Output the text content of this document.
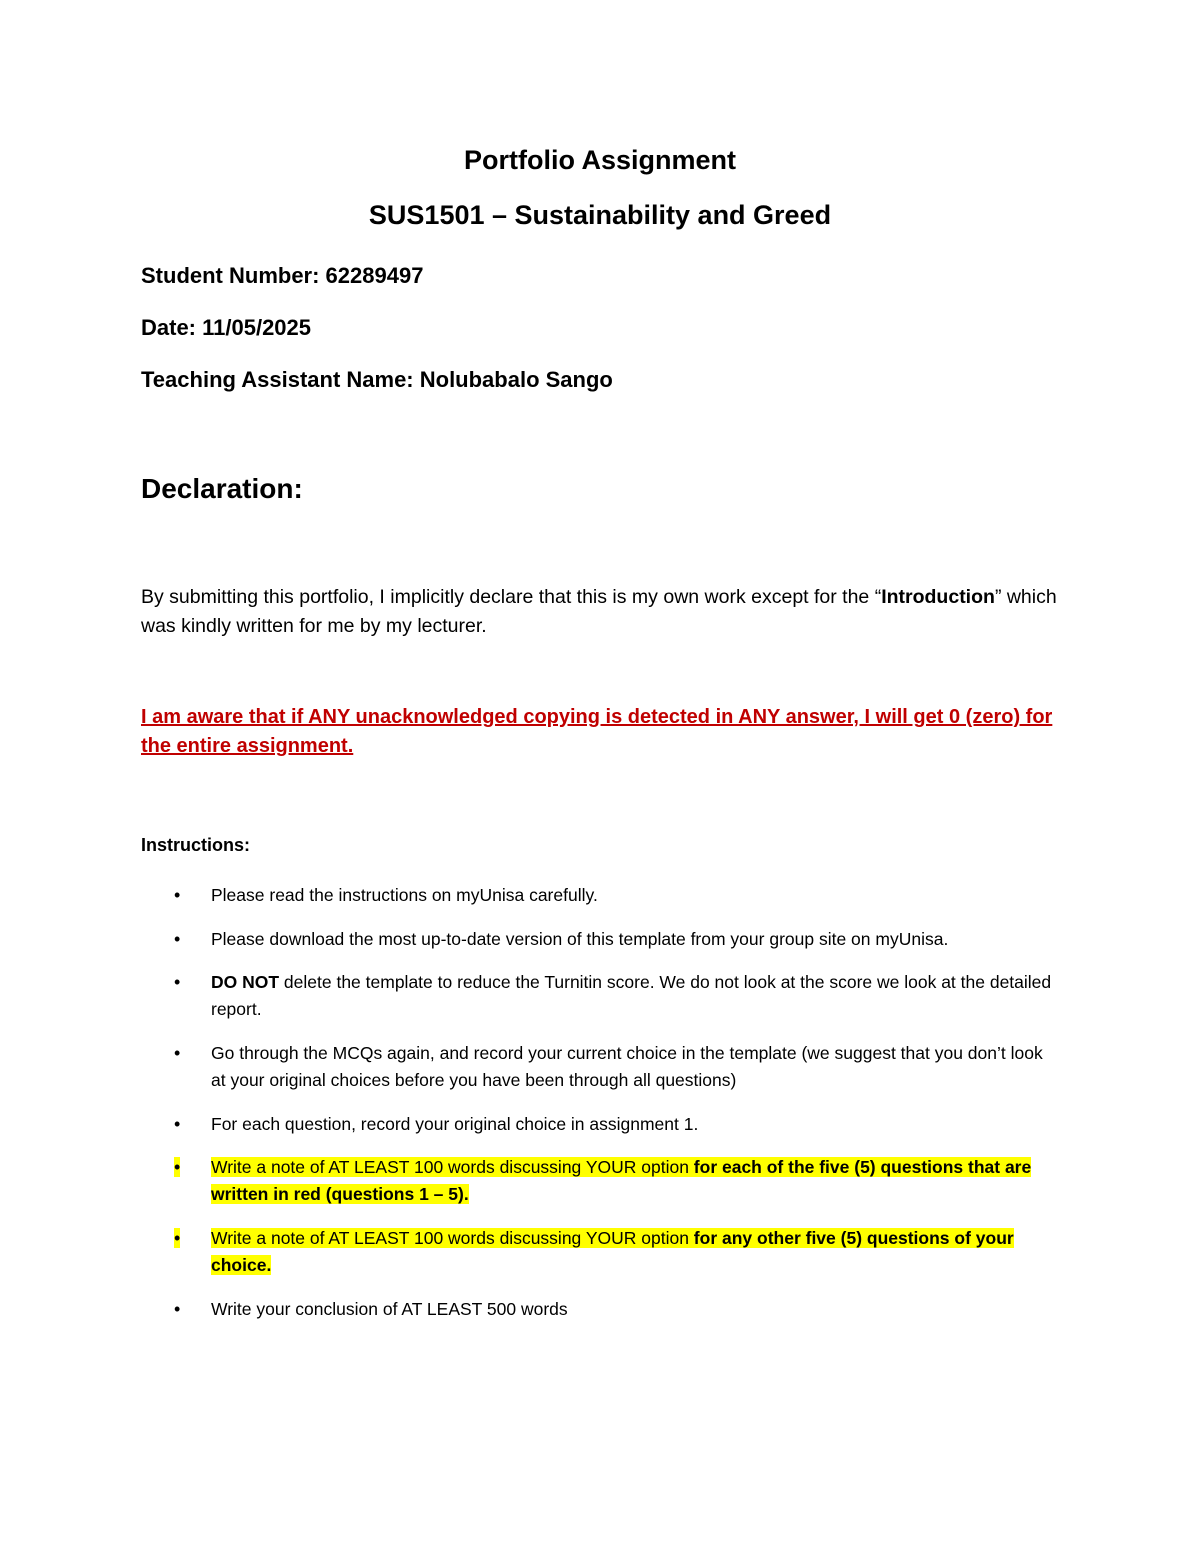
Portfolio Assignment
SUS1501 – Sustainability and Greed
Student Number: 62289497
Date: 11/05/2025
Teaching Assistant Name: Nolubabalo Sango
Declaration:
By submitting this portfolio, I implicitly declare that this is my own work except for the “Introduction” which was kindly written for me by my lecturer.
I am aware that if ANY unacknowledged copying is detected in ANY answer, I will get 0 (zero) for the entire assignment.
Instructions:
•	Please read the instructions on myUnisa carefully.
•	Please download the most up-to-date version of this template from your group site on myUnisa.
•	DO NOT delete the template to reduce the Turnitin score. We do not look at the score we look at the detailed report.
•	Go through the MCQs again, and record your current choice in the template (we suggest that you don’t look at your original choices before you have been through all questions)
•	For each question, record your original choice in assignment 1.
•	Write a note of AT LEAST 100 words discussing YOUR option for each of the five (5) questions that are written in red (questions 1 – 5).
•	Write a note of AT LEAST 100 words discussing YOUR option for any other five (5) questions of your choice.
•	Write your conclusion of AT LEAST 500 words
